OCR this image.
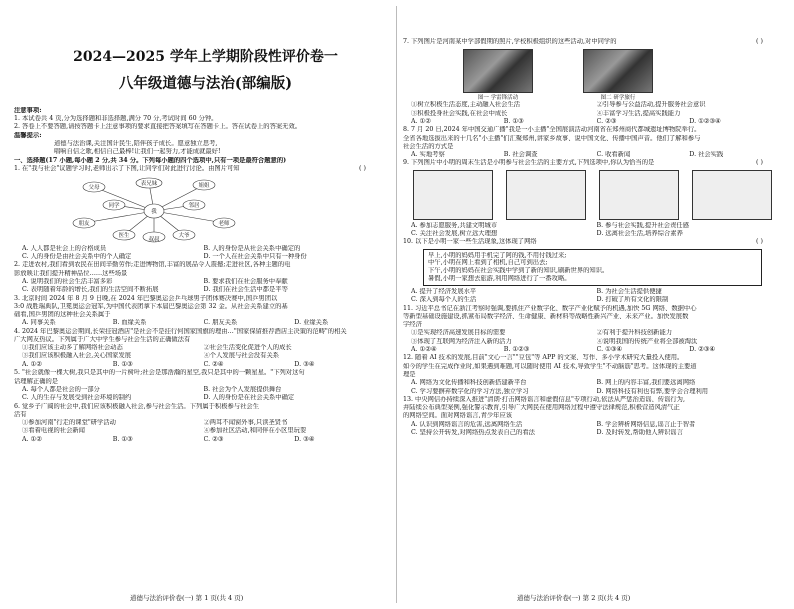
2024—2025 学年上学期阶段性评价卷一
八年级道德与法治(部编版)
注意事项:
1. 本试卷共 4 页,分为选择题和非选择题,满分 70 分,考试时间 60 分钟。
2. 答卷上不要答题,请按答题卡上注意事项的要求直接把答案填写在答题卡上。答在试卷上的答案无效。
温馨提示:
道德与法治课,关注国计民生,陪伴孩子成长。愿意独立思考,
唱响自信之歌,相信自己最棒!让我们一起努力,才能成就最好!
一、选择题(17 小题,每小题 2 分,共 34 分。下列每小题的四个选项中,只有一项是最符合题意的)
( )
1. 在"我与社会"议题学习时,老师出示了下图,让同学们对此进行讨论。由图片可知
我
父母
表兄妹	姐姐
同学	邻居
朋友	老师
医生	大爷
叔叔
A. 人人都是社会上的合格成员	B. 人的身份是从社会关系中确定的
C. 人的身份是由社会关系中的个人确定	D. 一个人在社会关系中只有一种身份
2. 走进农村,我们看到农民在田间辛勤劳作;走进博物馆,丰富的展品令人震撼;走进社区,各种主题的电
影放映让我们提升精神品位……这些场景
A. 说明我们的社会生活丰富多彩	B. 要求我们在社会服务中奉献
C. 表明随着年龄的增长,我们的生活空间不断拓展	D. 我们在社会生活中都是平等
3. 北京时间 2024 年 8 月 9 日晚,在 2024 年巴黎奥运会乒乓球男子团体赛决赛中,国乒男团以
3:0 战胜瑞典队,卫冕奥运会冠军,为中国代表团拿下本届巴黎奥运会第 32 金。从社会关系建立的基
础看,国乒男团的这种社会关系属于
A. 同事关系	B. 血缘关系	C. 朋友关系	D. 业缘关系
4. 2024 年巴黎奥运会期间,长荣挂冠酒店"是社会不是挂行何国家国旗的理由…"国家保留推荐酒店主决策的范畴"的相关
广大网友热议。下列属于广大中学生参与社会生活的正确做法有
①我们应该主动多了解网络社会动态	②社会生活变化促进个人的成长
③我们应该积极融入社会,关心国家发展	④个人发展与社会没有关系
A. ①②	B. ①③	C. ②④	D. ③④
5. "社会就像一棵大树,我只是其中的一片树叶;社会是那浩瀚的星空,我只是其中的一颗星星。"下列对这句
话理解正确的是
A. 每个人都是社会的一部分	B. 社会为个人发展提供舞台
C. 人的生存与发展受到社会环境的制约	D. 人的身份是在社会关系中确定
6. 觉乡子广阔的社会中,我们应该积极融入社会,参与社会生活。下列属于积极参与社会生
活有
①参加河南"行走的课堂"研学活动	②两耳不闻窗外事,只读圣贤书
③看着电视的社会新闻	④参加社区活动,和同伴在小区里玩耍
A. ①②	B. ①③	C. ②③	D. ③④
道德与法治评价卷(一) 第 1 页(共 4 页)
( )
7. 下列图片是河南某中学部假期的照片,学校积极组织的这些活动,对中同学的
图一 学雷锋活动	图二 研学旅行
①树立积极生活态度,主动融入社会生活	②引导参与公益活动,提升服务社会意识
③积极投身社会实践,在社会中成长	④丰富学习生活,提高实践能力
A. ①②	B. ①③	C. ②③	D. ①②③④
8. 7 月 20 日,2024 年中国交通广播"我是一小主播"全国展演活动河南省在郑州商代都城遗址博物院举行。
全省各地选拔出来的十几名"小主播"们汇聚郑州,讲家乡故事、说中国文化、传播中国声音。他们了解和参与
社会生活的方式是
A. 实地考察	B. 社会调查	C. 收看新闻	D. 社会实践
( )
9. 下列图片中小明的周末生活是小明参与社会生活的主要方式,下列选项中,你认为恰当的是
A. 参加志愿服务,共建文明城市	B. 参与社会实践,提升社会责任感
C. 关注社会发展,树立远大理想	D. 远离社会生活,培养综合素养
( )
10. 以下是小明一家一些生活现象,这体现了网络
早上,小明的妈妈用手机完了阿的钱,不用付钱过来;
中午,小明在网上看到了相机,自己可到出去;
下午,小明的妈妈在社会实践中学到了新的知识,刷新世界的知识。
暑假,小明一家想去旅游,利用网络进行了一番攻略。
A. 提升了经济发展水平	B. 为社会生活提供便捷
C. 深入到每个人的生活	D. 打破了所有文化的限制
11. 习近平总书记在浙江考察时强调,要抓住产业数字化、数字产业化赋予的机遇,加快 5G 网络、数据中心
等新型基础设施建设,抓紧布局数字经济、生命健康、新材料等战略性新兴产业、未来产业。加快发展数
字经济
①是实现经济高速发展目标的需要	②有利于提升科技创新能力
③体现了互联网为经济注入新的活力	④说明我国的传统产业将全部被淘汰
A. ①②④	B. ①②③	C. ①③④	D. ②③④
12. 随着 AI 技术的发展,目前"文心一言""豆包"等 APP 的文案、写作、多小学术研究大量投入使用。
如今的学生在完成作业时,如果遇到难题,可以随时使用 AI 技术,导致学生"不动脑筋"思考。这体现的主要道
理是
A. 网络为文化传播和科技创新搭建新平台	B. 网上的内容丰富,我们要远离网络
C. 学习要摒弃数字化的学习方法,独立学习	D. 网络科技有利也有弊,要学会合理利用
13. 中央网信办持续深入推进"清朗·打击网络谣言和虚假信息"专项行动,依法从严惩治造谣、传谣行为,
并陆续公布典型案例,强化警示教育,引导广大网民在使用网络过程中遵守法律规范,积极营造风清气正
的网络空间。面对网络谣言,青少年应该
A. 认识到网络谣言的危害,远离网络生活	B. 学会辨析网络信息,谣言止于智者
C. 坚持公开转发,对网络热点发表自己的看法	D. 及时转发,帮助他人辨识谣言
道德与法治评价卷(一) 第 2 页(共 4 页)
